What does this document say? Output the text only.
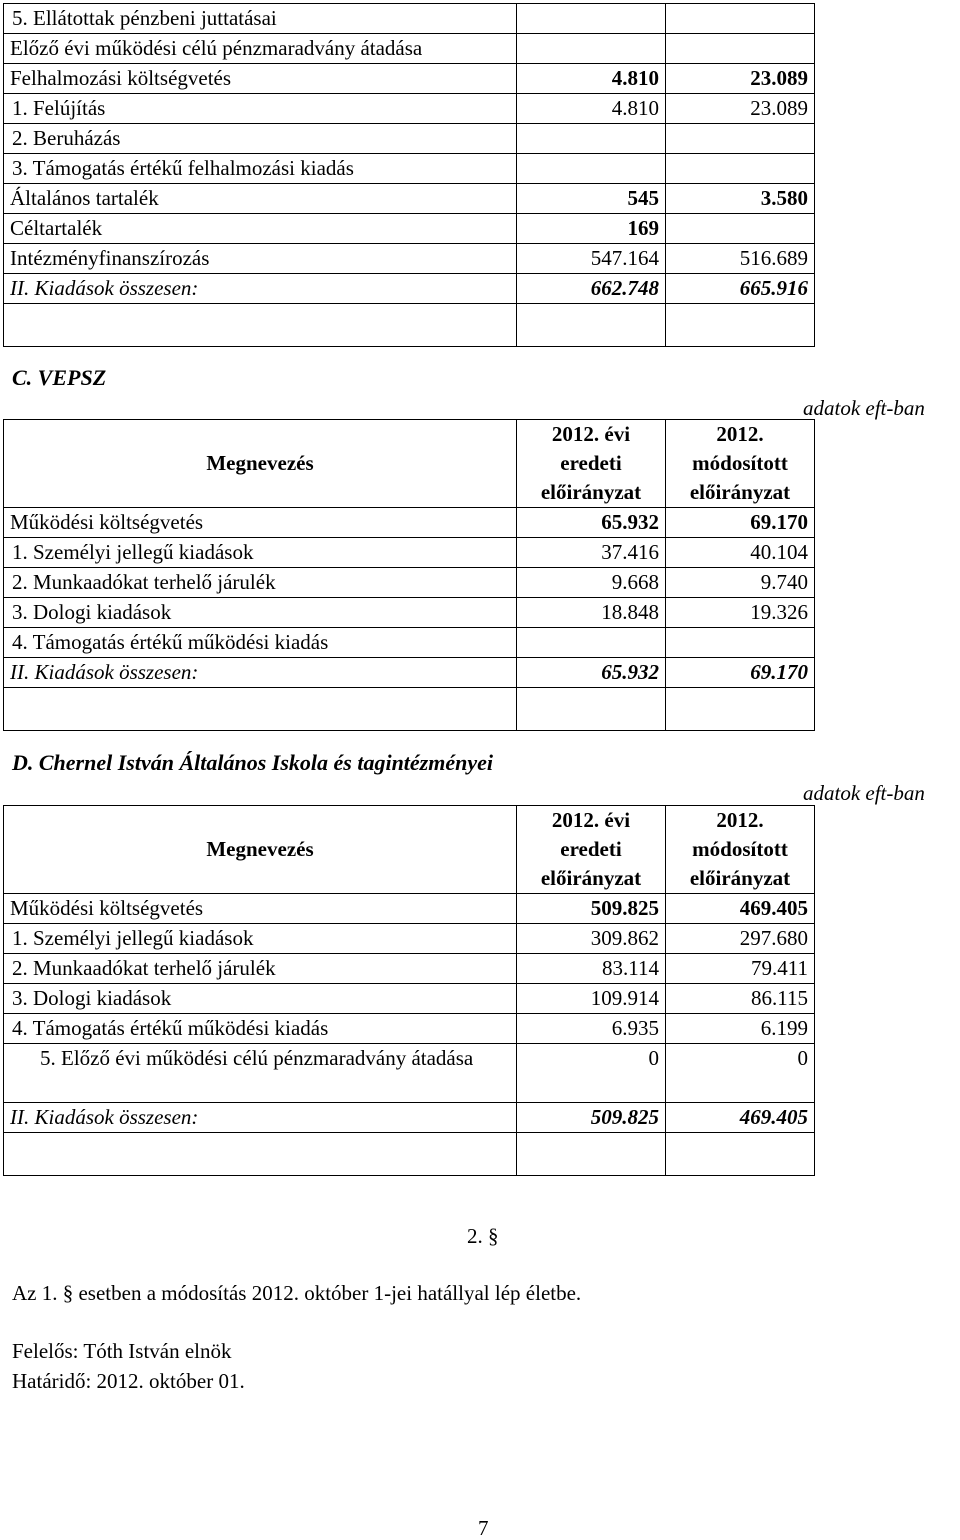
5. Ellátottak pénzbeni juttatásai		
Előző évi működési célú pénzmaradvány átadása		
Felhalmozási költségvetés	4.810	23.089
1. Felújítás	4.810	23.089
2. Beruházás		
3. Támogatás értékű felhalmozási kiadás		
Általános tartalék	545	3.580
Céltartalék	169	
Intézményfinanszírozás	547.164	516.689
II. Kiadások összesen:	662.748	665.916

C. VEPSZ
adatok eft-ban
Megnevezés	2012. évi eredeti előirányzat	2012. módosított előirányzat
Működési költségvetés	65.932	69.170
1. Személyi jellegű kiadások	37.416	40.104
2. Munkaadókat terhelő járulék	9.668	9.740
3. Dologi kiadások	18.848	19.326
4. Támogatás értékű működési kiadás		
II. Kiadások összesen:	65.932	69.170

D. Chernel István Általános Iskola és tagintézményei
adatok eft-ban
Megnevezés	2012. évi eredeti előirányzat	2012. módosított előirányzat
Működési költségvetés	509.825	469.405
1. Személyi jellegű kiadások	309.862	297.680
2. Munkaadókat terhelő járulék	83.114	79.411
3. Dologi kiadások	109.914	86.115
4. Támogatás értékű működési kiadás	6.935	6.199
5. Előző évi működési célú pénzmaradvány átadása	0	0
II. Kiadások összesen:	509.825	469.405

2. §
Az 1. § esetben a módosítás 2012. október 1-jei hatállyal lép életbe.
Felelős: Tóth István elnök
Határidő: 2012. október 01.
7
